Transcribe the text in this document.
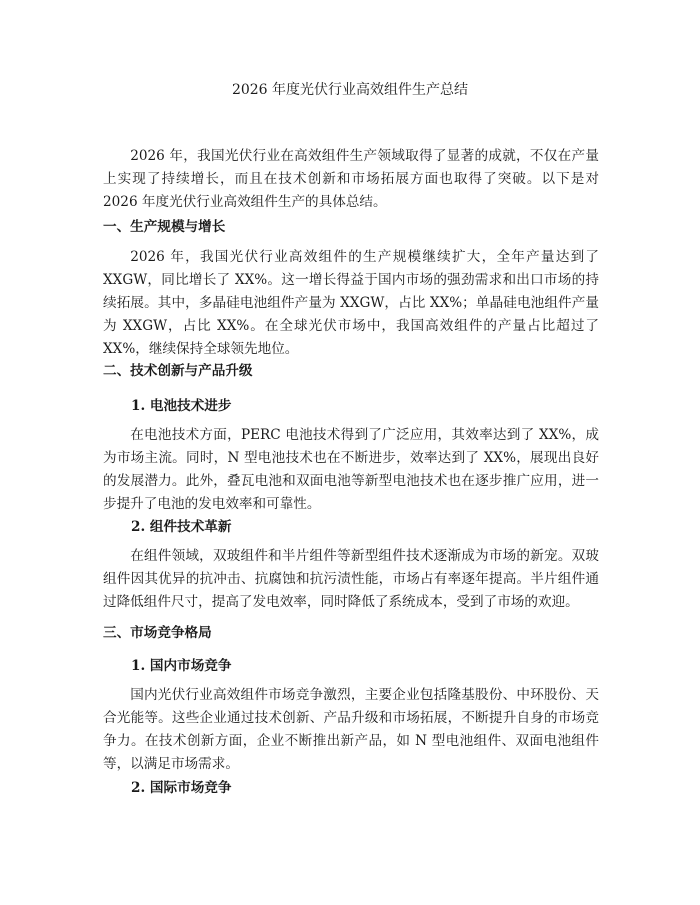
2026 年度光伏行业高效组件生产总结

2026 年，我国光伏行业在高效组件生产领域取得了显著的成就，不仅在产量上实现了持续增长，而且在技术创新和市场拓展方面也取得了突破。以下是对 2026 年度光伏行业高效组件生产的具体总结。

一、生产规模与增长

2026 年，我国光伏行业高效组件的生产规模继续扩大，全年产量达到了 XXGW，同比增长了 XX%。这一增长得益于国内市场的强劲需求和出口市场的持续拓展。其中，多晶硅电池组件产量为 XXGW，占比 XX%；单晶硅电池组件产量为 XXGW，占比 XX%。在全球光伏市场中，我国高效组件的产量占比超过了 XX%，继续保持全球领先地位。

二、技术创新与产品升级
1. 电池技术进步

在电池技术方面，PERC 电池技术得到了广泛应用，其效率达到了 XX%，成为市场主流。同时，N 型电池技术也在不断进步，效率达到了 XX%，展现出良好的发展潜力。此外，叠瓦电池和双面电池等新型电池技术也在逐步推广应用，进一步提升了电池的发电效率和可靠性。

2. 组件技术革新

在组件领域，双玻组件和半片组件等新型组件技术逐渐成为市场的新宠。双玻组件因其优异的抗冲击、抗腐蚀和抗污渍性能，市场占有率逐年提高。半片组件通过降低组件尺寸，提高了发电效率，同时降低了系统成本，受到了市场的欢迎。

三、市场竞争格局
1. 国内市场竞争

国内光伏行业高效组件市场竞争激烈，主要企业包括隆基股份、中环股份、天合光能等。这些企业通过技术创新、产品升级和市场拓展，不断提升自身的市场竞争力。在技术创新方面，企业不断推出新产品，如 N 型电池组件、双面电池组件等，以满足市场需求。

2. 国际市场竞争
